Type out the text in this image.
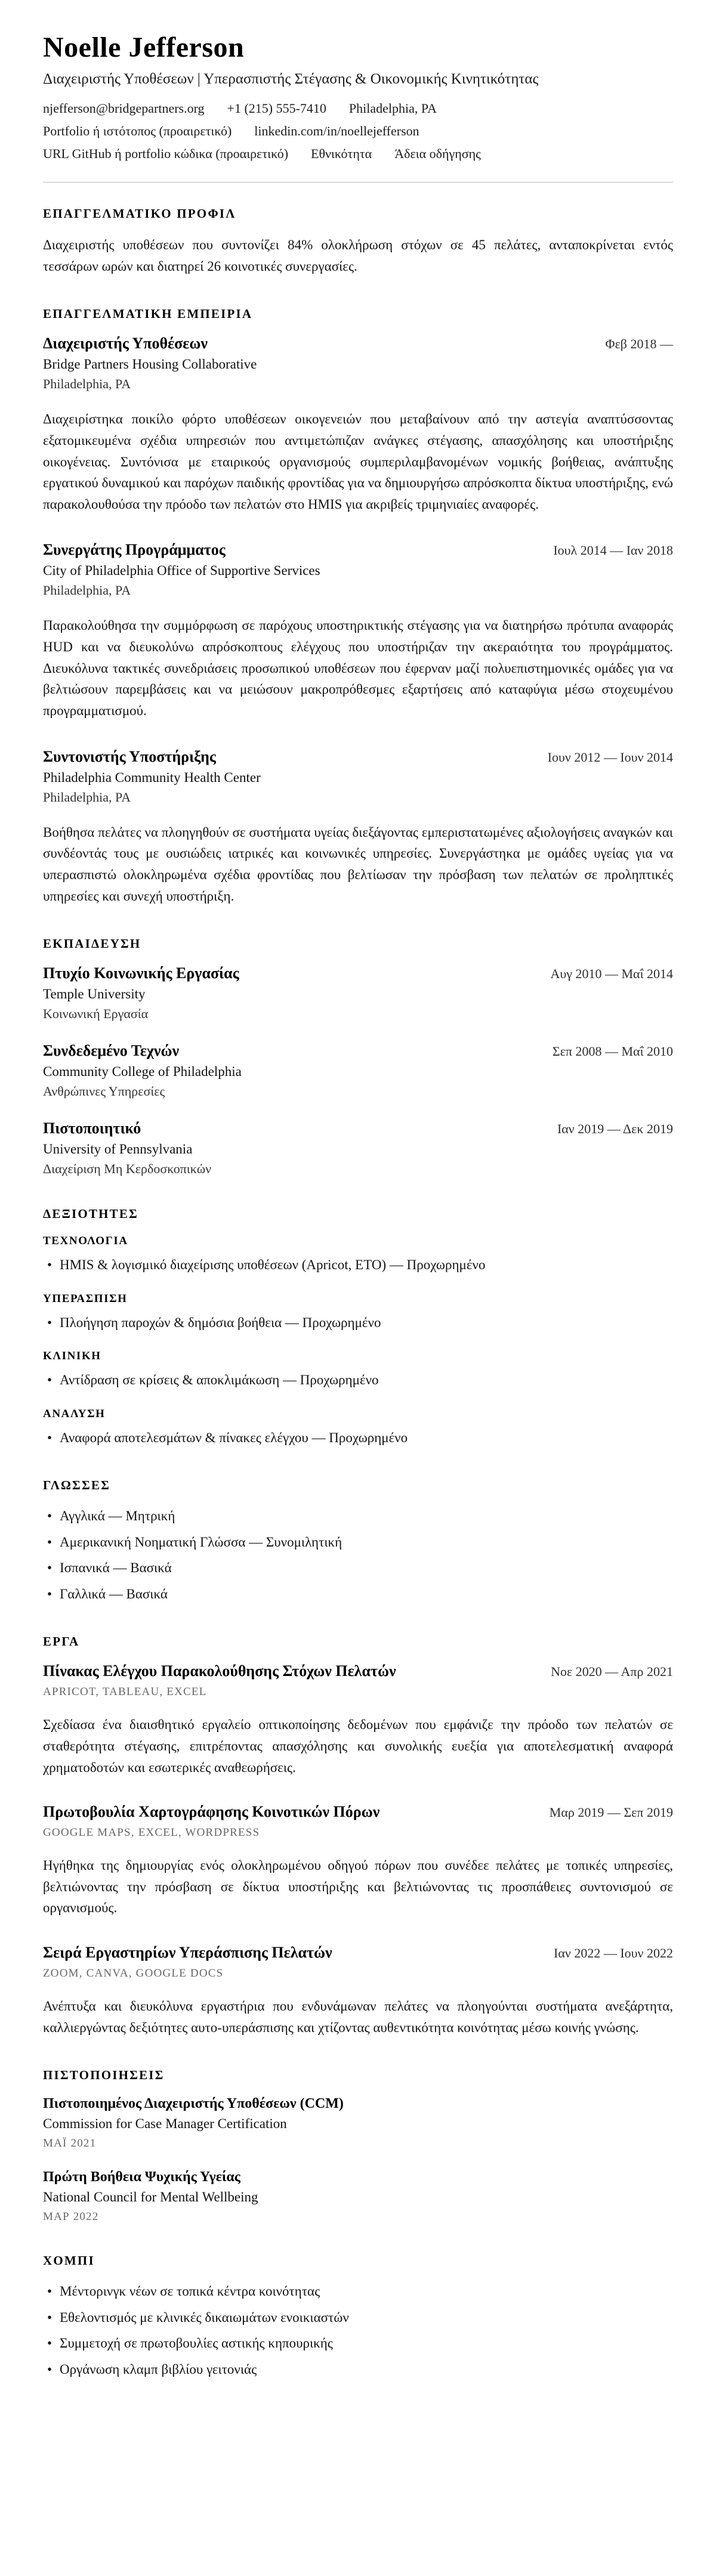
Noelle Jefferson

Διαχειριστής Υποθέσεων | Υπερασπιστής Στέγασης & Οικονομικής Κινητικότητας

njefferson@bridgepartners.org +1 (215) 555-7410 Philadelphia, PA
Portfolio ή ιστότοπος (προαιρετικό) linkedin.com/in/noellejefferson
URL GitHub ή portfolio κώδικα (προαιρετικό) Εθνικότητα Άδεια οδήγησης
ΕΠΑΓΓΕΛΜΑΤΙΚΟ ΠΡΟΦΙΛ

Διαχειριστής υποθέσεων που συντονίζει 84% ολοκλήρωση στόχων σε 45 πελάτες, ανταποκρίνεται εντός τεσσάρων ωρών και διατηρεί 26 κοινοτικές συνεργασίες.

ΕΠΑΓΓΕΛΜΑΤΙΚΗ ΕΜΠΕΙΡΙΑ
Διαχειριστής Υποθέσεων	Φεβ 2018 —
Bridge Partners Housing Collaborative
Philadelphia, PA

Διαχειρίστηκα ποικίλο φόρτο υποθέσεων οικογενειών που μεταβαίνουν από την αστεγία αναπτύσσοντας εξατομικευμένα σχέδια υπηρεσιών που αντιμετώπιζαν ανάγκες στέγασης, απασχόλησης και υποστήριξης οικογένειας. Συντόνισα με εταιρικούς οργανισμούς συμπεριλαμβανομένων νομικής βοήθειας, ανάπτυξης εργατικού δυναμικού και παρόχων παιδικής φροντίδας για να δημιουργήσω απρόσκοπτα δίκτυα υποστήριξης, ενώ παρακολουθούσα την πρόοδο των πελατών στο HMIS για ακριβείς τριμηνιαίες αναφορές.

Συνεργάτης Προγράμματος	Ιουλ 2014 — Ιαν 2018
City of Philadelphia Office of Supportive Services
Philadelphia, PA

Παρακολούθησα την συμμόρφωση σε παρόχους υποστηρικτικής στέγασης για να διατηρήσω πρότυπα αναφοράς HUD και να διευκολύνω απρόσκοπτους ελέγχους που υποστήριζαν την ακεραιότητα του προγράμματος. Διευκόλυνα τακτικές συνεδριάσεις προσωπικού υποθέσεων που έφερναν μαζί πολυεπιστημονικές ομάδες για να βελτιώσουν παρεμβάσεις και να μειώσουν μακροπρόθεσμες εξαρτήσεις από καταφύγια μέσω στοχευμένου προγραμματισμού.

Συντονιστής Υποστήριξης	Ιουν 2012 — Ιουν 2014
Philadelphia Community Health Center
Philadelphia, PA

Βοήθησα πελάτες να πλοηγηθούν σε συστήματα υγείας διεξάγοντας εμπεριστατωμένες αξιολογήσεις αναγκών και συνδέοντάς τους με ουσιώδεις ιατρικές και κοινωνικές υπηρεσίες. Συνεργάστηκα με ομάδες υγείας για να υπερασπιστώ ολοκληρωμένα σχέδια φροντίδας που βελτίωσαν την πρόσβαση των πελατών σε προληπτικές υπηρεσίες και συνεχή υποστήριξη.

ΕΚΠΑΙΔΕΥΣΗ
Πτυχίο Κοινωνικής Εργασίας	Αυγ 2010 — Μαΐ 2014
Temple University
Κοινωνική Εργασία
Συνδεδεμένο Τεχνών	Σεπ 2008 — Μαΐ 2010
Community College of Philadelphia
Ανθρώπινες Υπηρεσίες
Πιστοποιητικό	Ιαν 2019 — Δεκ 2019
University of Pennsylvania
Διαχείριση Μη Κερδοσκοπικών
ΔΕΞΙΟΤΗΤΕΣ
ΤΕΧΝΟΛΟΓΙΑ
• HMIS & λογισμικό διαχείρισης υποθέσεων (Apricot, ETO) — Προχωρημένο
ΥΠΕΡΑΣΠΙΣΗ
• Πλοήγηση παροχών & δημόσια βοήθεια — Προχωρημένο
ΚΛΙΝΙΚΗ
• Αντίδραση σε κρίσεις & αποκλιμάκωση — Προχωρημένο
ΑΝΑΛΥΣΗ
• Αναφορά αποτελεσμάτων & πίνακες ελέγχου — Προχωρημένο
ΓΛΩΣΣΕΣ
• Αγγλικά — Μητρική
• Αμερικανική Νοηματική Γλώσσα — Συνομιλητική
• Ισπανικά — Βασικά
• Γαλλικά — Βασικά
ΕΡΓΑ
Πίνακας Ελέγχου Παρακολούθησης Στόχων Πελατών	Νοε 2020 — Απρ 2021
APRICOT, TABLEAU, EXCEL

Σχεδίασα ένα διαισθητικό εργαλείο οπτικοποίησης δεδομένων που εμφάνιζε την πρόοδο των πελατών σε σταθερότητα στέγασης, επιτρέποντας απασχόλησης και συνολικής ευεξία για αποτελεσματική αναφορά χρηματοδοτών και εσωτερικές αναθεωρήσεις.

Πρωτοβουλία Χαρτογράφησης Κοινοτικών Πόρων	Μαρ 2019 — Σεπ 2019
GOOGLE MAPS, EXCEL, WORDPRESS

Ηγήθηκα της δημιουργίας ενός ολοκληρωμένου οδηγού πόρων που συνέδεε πελάτες με τοπικές υπηρεσίες, βελτιώνοντας την πρόσβαση σε δίκτυα υποστήριξης και βελτιώνοντας τις προσπάθειες συντονισμού σε οργανισμούς.

Σειρά Εργαστηρίων Υπεράσπισης Πελατών	Ιαν 2022 — Ιουν 2022
ZOOM, CANVA, GOOGLE DOCS

Ανέπτυξα και διευκόλυνα εργαστήρια που ενδυνάμωναν πελάτες να πλοηγούνται συστήματα ανεξάρτητα, καλλιεργώντας δεξιότητες αυτο-υπεράσπισης και χτίζοντας αυθεντικότητα κοινότητας μέσω κοινής γνώσης.

ΠΙΣΤΟΠΟΙΗΣΕΙΣ
Πιστοποιημένος Διαχειριστής Υποθέσεων (CCM)
Commission for Case Manager Certification
ΜΑΪ 2021
Πρώτη Βοήθεια Ψυχικής Υγείας
National Council for Mental Wellbeing
ΜΑΡ 2022
ΧΟΜΠΙ
• Μέντορινγκ νέων σε τοπικά κέντρα κοινότητας
• Εθελοντισμός με κλινικές δικαιωμάτων ενοικιαστών
• Συμμετοχή σε πρωτοβουλίες αστικής κηπουρικής
• Οργάνωση κλαμπ βιβλίου γειτονιάς
